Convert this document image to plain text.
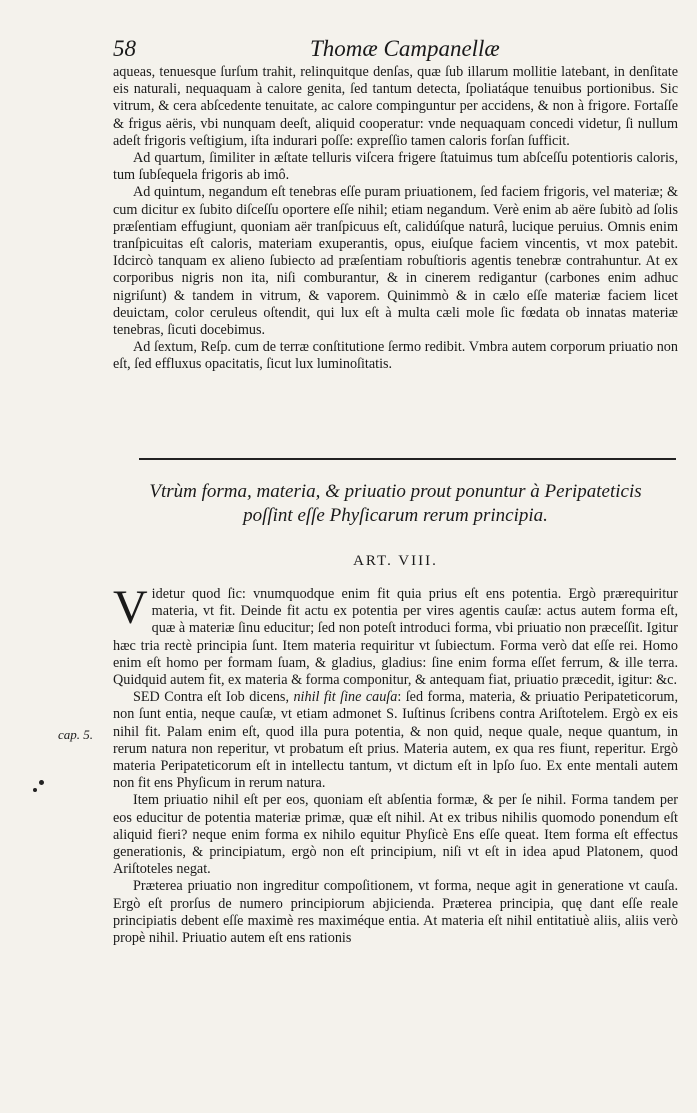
58	Thomæ Campanellæ

aqueas, tenuesque ſurſum trahit, relinquitque denſas, quæ ſub illarum mollitie latebant, in denſitate eis naturali, nequaquam à calore genita, ſed tantum detecta, ſpoliatáque tenuibus portionibus. Sic vitrum, & cera abſcedente tenuitate, ac calore compinguntur per accidens, & non à frigore. Fortaſſe & frigus aëris, vbi nunquam deeſt, aliquid cooperatur: vnde nequaquam concedi videtur, ſi nullum adeſt frigoris veſtigium, iſta indurari poſſe: expreſſio tamen caloris forſan ſufficit.

Ad quartum, ſimiliter in æſtate telluris viſcera frigere ſtatuimus tum abſceſſu potentioris caloris, tum ſubſequela frigoris ab imô.

Ad quintum, negandum eſt tenebras eſſe puram priuationem, ſed faciem frigoris, vel materiæ; & cum dicitur ex ſubito diſceſſu oportere eſſe nihil; etiam negandum. Verè enim ab aëre ſubitò ad ſolis præſentiam effugiunt, quoniam aër tranſpicuus eſt, calidúſque naturâ, lucique peruius. Omnis enim tranſpicuitas eſt caloris, materiam exuperantis, opus, eiuſque faciem vincentis, vt mox patebit. Idcircò tanquam ex alieno ſubiecto ad præſentiam robuſtioris agentis tenebræ contrahuntur. At ex corporibus nigris non ita, niſi comburantur, & in cinerem redigantur (carbones enim adhuc nigriſunt) & tandem in vitrum, & vaporem. Quinimmò & in cælo eſſe materiæ faciem licet deuictam, color ceruleus oſtendit, qui lux eſt à multa cæli mole ſic fœdata ob innatas materiæ tenebras, ſicuti docebimus.

Ad ſextum, Reſp. cum de terræ conſtitutione ſermo redibit. Vmbra autem corporum priuatio non eſt, ſed effluxus opacitatis, ſicut lux luminoſitatis.

Vtrùm forma, materia, & priuatio prout ponuntur à Peripateticis
poſſint eſſe Phyſicarum rerum principia.
ART. VIII.

Videtur quod ſic: vnumquodque enim fit quia prius eſt ens potentia. Ergò prærequiritur materia, vt fit. Deinde fit actu ex potentia per vires agentis cauſæ: actus autem forma eſt, quæ à materiæ ſinu educitur; ſed non poteſt introduci forma, vbi priuatio non præceſſit. Igitur hæc tria rectè principia ſunt. Item materia requiritur vt ſubiectum. Forma verò dat eſſe rei. Homo enim eſt homo per formam ſuam, & gladius, gladius: ſine enim forma eſſet ferrum, & ille terra. Quidquid autem fit, ex materia & forma componitur, & antequam fiat, priuatio præcedit, igitur: &c.

SED Contra eſt Iob dicens, nihil fit ſine cauſa: ſed forma, materia, & priuatio Peripateticorum, non ſunt entia, neque cauſæ, vt etiam admonet S. Iuſtinus ſcribens contra Ariſtotelem. Ergò ex eis nihil fit. Palam enim eſt, quod illa pura potentia, & non quid, neque quale, neque quantum, in rerum natura non reperitur, vt probatum eſt prius. Materia autem, ex qua res fiunt, reperitur. Ergò materia Peripateticorum eſt in intellectu tantum, vt dictum eſt in lpſo ſuo. Ex ente mentali autem non fit ens Phyſicum in rerum natura.

Item priuatio nihil eſt per eos, quoniam eſt abſentia formæ, & per ſe nihil. Forma tandem per eos educitur de potentia materiæ primæ, quæ eſt nihil. At ex tribus nihilis quomodo ponendum eſt aliquid fieri? neque enim forma ex nihilo equitur Phyſicè Ens eſſe queat. Item forma eſt effectus generationis, & principiatum, ergò non eſt principium, niſi vt eſt in idea apud Platonem, quod Ariſtoteles negat.

Præterea priuatio non ingreditur compoſitionem, vt forma, neque agit in generatione vt cauſa. Ergò eſt prorſus de numero principiorum abjicienda. Præterea principia, quę dant eſſe reale principiatis debent eſſe maximè res maximéque entia. At materia eſt nihil entitatiuè aliis, aliis verò propè nihil. Priuatio autem eſt ens rationis

cap. 5.
